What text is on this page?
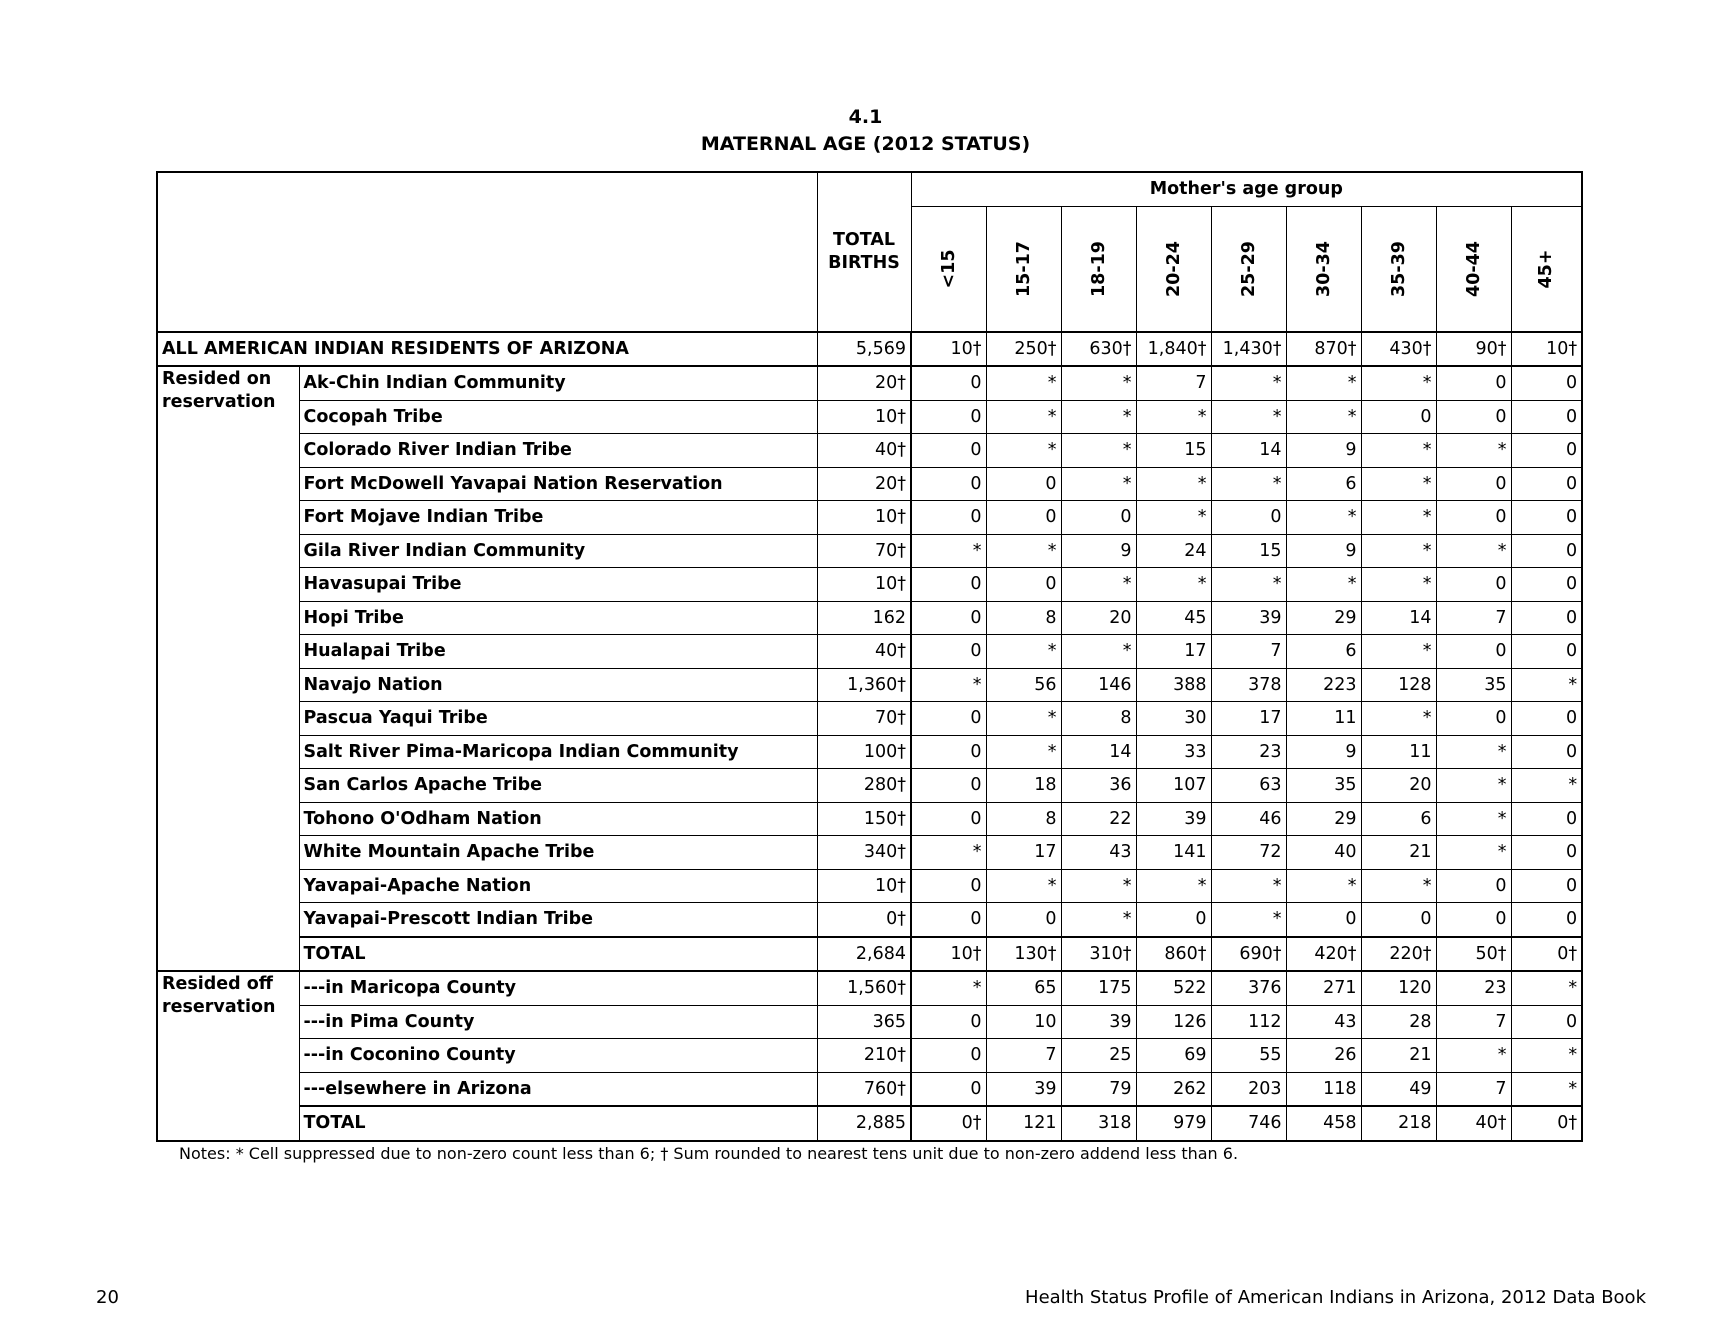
4.1
MATERNAL AGE (2012 STATUS)
		TOTAL
BIRTHS	Mother's age group								

			<15	15-17	18-19	20-24	25-29	30-34	35-39	40-44	45+

ALL AMERICAN INDIAN RESIDENTS OF ARIZONA		5,569	10†	250†	630†	1,840†	1,430†	870†	430†	90†	10†
Resided on reservation	Ak-Chin Indian Community	20†	0	*	*	7	*	*	*	0	0
	Cocopah Tribe	10†	0	*	*	*	*	*	0	0	0
	Colorado River Indian Tribe	40†	0	*	*	15	14	9	*	*	0
	Fort McDowell Yavapai Nation Reservation	20†	0	0	*	*	*	6	*	0	0
	Fort Mojave Indian Tribe	10†	0	0	0	*	0	*	*	0	0
	Gila River Indian Community	70†	*	*	9	24	15	9	*	*	0
	Havasupai Tribe	10†	0	0	*	*	*	*	*	0	0
	Hopi Tribe	162	0	8	20	45	39	29	14	7	0
	Hualapai Tribe	40†	0	*	*	17	7	6	*	0	0
	Navajo Nation	1,360†	*	56	146	388	378	223	128	35	*
	Pascua Yaqui Tribe	70†	0	*	8	30	17	11	*	0	0
	Salt River Pima-Maricopa Indian Community	100†	0	*	14	33	23	9	11	*	0
	San Carlos Apache Tribe	280†	0	18	36	107	63	35	20	*	*
	Tohono O'Odham Nation	150†	0	8	22	39	46	29	6	*	0
	White Mountain Apache Tribe	340†	*	17	43	141	72	40	21	*	0
	Yavapai-Apache Nation	10†	0	*	*	*	*	*	*	0	0
	Yavapai-Prescott Indian Tribe	0†	0	0	*	0	*	0	0	0	0
	TOTAL	2,684	10†	130†	310†	860†	690†	420†	220†	50†	0†
Resided off reservation	---in Maricopa County	1,560†	*	65	175	522	376	271	120	23	*
	---in Pima County	365	0	10	39	126	112	43	28	7	0
	---in Coconino County	210†	0	7	25	69	55	26	21	*	*
	---elsewhere in Arizona	760†	0	39	79	262	203	118	49	7	*
	TOTAL	2,885	0†	121	318	979	746	458	218	40†	0†
Notes: * Cell suppressed due to non-zero count less than 6; † Sum rounded to nearest tens unit due to non-zero addend less than 6.
20	Health Status Profile of American Indians in Arizona, 2012 Data Book
